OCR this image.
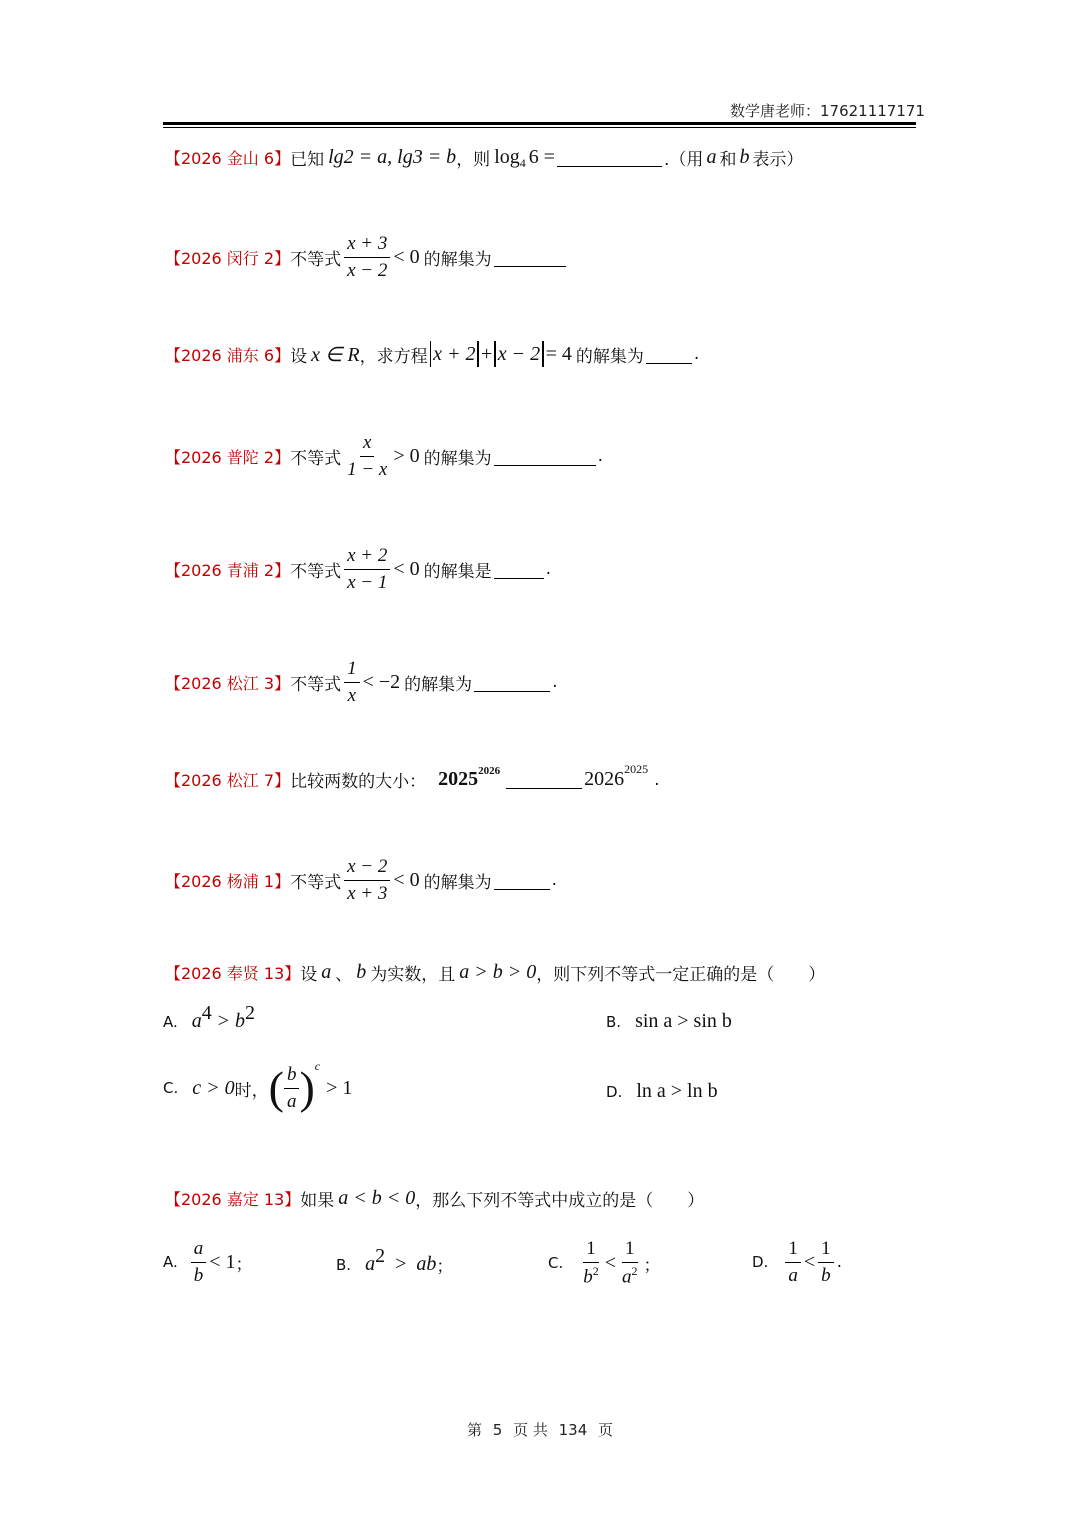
数学唐老师：17621117171
【2026 金山 6】 已知 lg2 = a, lg3 = b ，则 $\log_4 6$ =	.（用 a 和 b 表示）
【2026 闵行 2】 不等式 $\frac{x + 3}{x - 2} < 0$ 的解集为
【2026 浦东 6】 设 x ∈ R ，求方程 x + 2 + x − 2 = 4 的解集为	.
【2026 普陀 2】 不等式 $\frac{x}{1 - x} > 0$ 的解集为	.
【2026 青浦 2】 不等式 $\frac{x + 2}{x - 1} < 0$ 的解集是	.
【2026 松江 3】 不等式 $\frac{1}{x} < -2$ 的解集为	.
【2026 松江 7】 比较两数的大小： $2025^{2026}$	$2026^{2025}$
.
【2026 杨浦 1】 不等式 $\frac{x - 2}{x + 3} < 0$ 的解集为	.
【2026 奉贤 13】 设 a 、 b 为实数，且 a > b > 0 ，则下列不等式一定正确的是（　　）
A. $a^4 > b^2$	B. sin a > sin b
C. c > 0 时， ( $\frac{b}{a} )^c$
> 1	D. ln a > ln b
【2026 嘉定 13】 如果 a < b < 0 ，那么下列不等式中成立的是（　　）
A. $\frac{a}{b} < 1$ ；	B. $a^2$ > ab ；	C. $\frac{1}{b^2} < \frac{1}{a^2}$ ；	D. $\frac{1}{a} < \frac{1}{b}$ .
第 5 页 共 134 页
